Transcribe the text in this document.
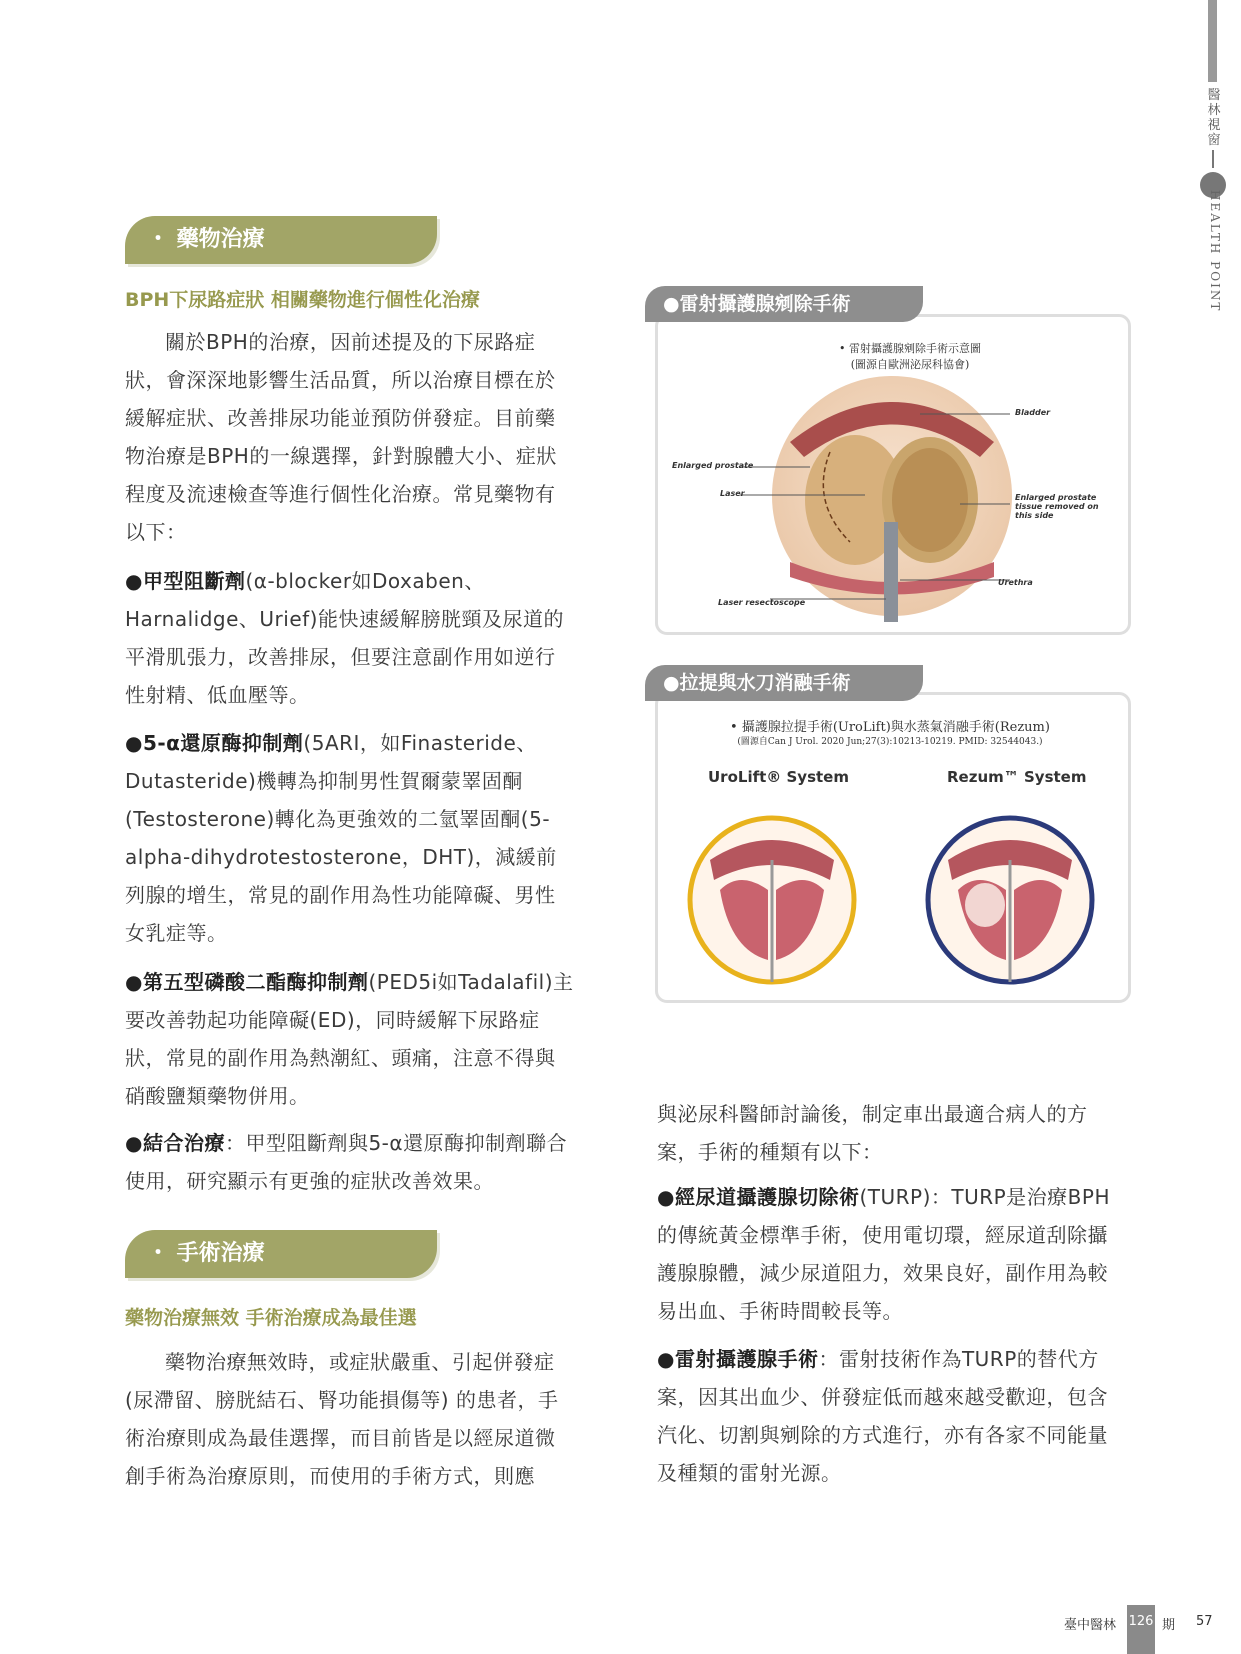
醫林視窗
HEALTH POINT
・ 藥物治療
BPH下尿路症狀 相關藥物進行個性化治療
關於BPH的治療，因前述提及的下尿路症狀，會深深地影響生活品質，所以治療目標在於緩解症狀、改善排尿功能並預防併發症。目前藥物治療是BPH的一線選擇，針對腺體大小、症狀程度及流速檢查等進行個性化治療。常見藥物有以下：
●甲型阻斷劑(α-blocker如Doxaben、Harnalidge、Urief)能快速緩解膀胱頸及尿道的平滑肌張力，改善排尿，但要注意副作用如逆行性射精、低血壓等。
●5-α還原酶抑制劑(5ARI，如Finasteride、Dutasteride)機轉為抑制男性賀爾蒙睪固酮(Testosterone)轉化為更強效的二氫睪固酮(5-alpha-dihydrotestosterone，DHT)，減緩前列腺的增生，常見的副作用為性功能障礙、男性女乳症等。
●第五型磷酸二酯酶抑制劑(PED5i如Tadalafil)主要改善勃起功能障礙(ED)，同時緩解下尿路症狀，常見的副作用為熱潮紅、頭痛，注意不得與硝酸鹽類藥物併用。
●結合治療：甲型阻斷劑與5-α還原酶抑制劑聯合使用，研究顯示有更強的症狀改善效果。
・ 手術治療
藥物治療無效 手術治療成為最佳選
藥物治療無效時，或症狀嚴重、引起併發症(尿滯留、膀胱結石、腎功能損傷等) 的患者，手術治療則成為最佳選擇，而目前皆是以經尿道微創手術為治療原則，而使用的手術方式，則應
與泌尿科醫師討論後，制定車出最適合病人的方案，手術的種類有以下：
●經尿道攝護腺切除術(TURP)：TURP是治療BPH 的傳統黃金標準手術，使用電切環，經尿道刮除攝護腺腺體，減少尿道阻力，效果良好，副作用為較易出血、手術時間較長等。
●雷射攝護腺手術：雷射技術作為TURP的替代方案，因其出血少、併發症低而越來越受歡迎，包含汽化、切割與剜除的方式進行，亦有各家不同能量及種類的雷射光源。
●雷射攝護腺剜除手術
• 雷射攝護腺剜除手術示意圖
(圖源自歐洲泌尿科協會)
Enlarged prostate
Laser
Bladder
Enlarged prostate tissue removed on this side
Urethra
Laser resectoscope
●拉提與水刀消融手術
• 攝護腺拉提手術(UroLift)與水蒸氣消融手術(Rezum)
(圖源自Can J Urol. 2020 Jun;27(3):10213-10219. PMID: 32544043.)
UroLift® System	Rezum™ System
臺中醫林 126 期 57
